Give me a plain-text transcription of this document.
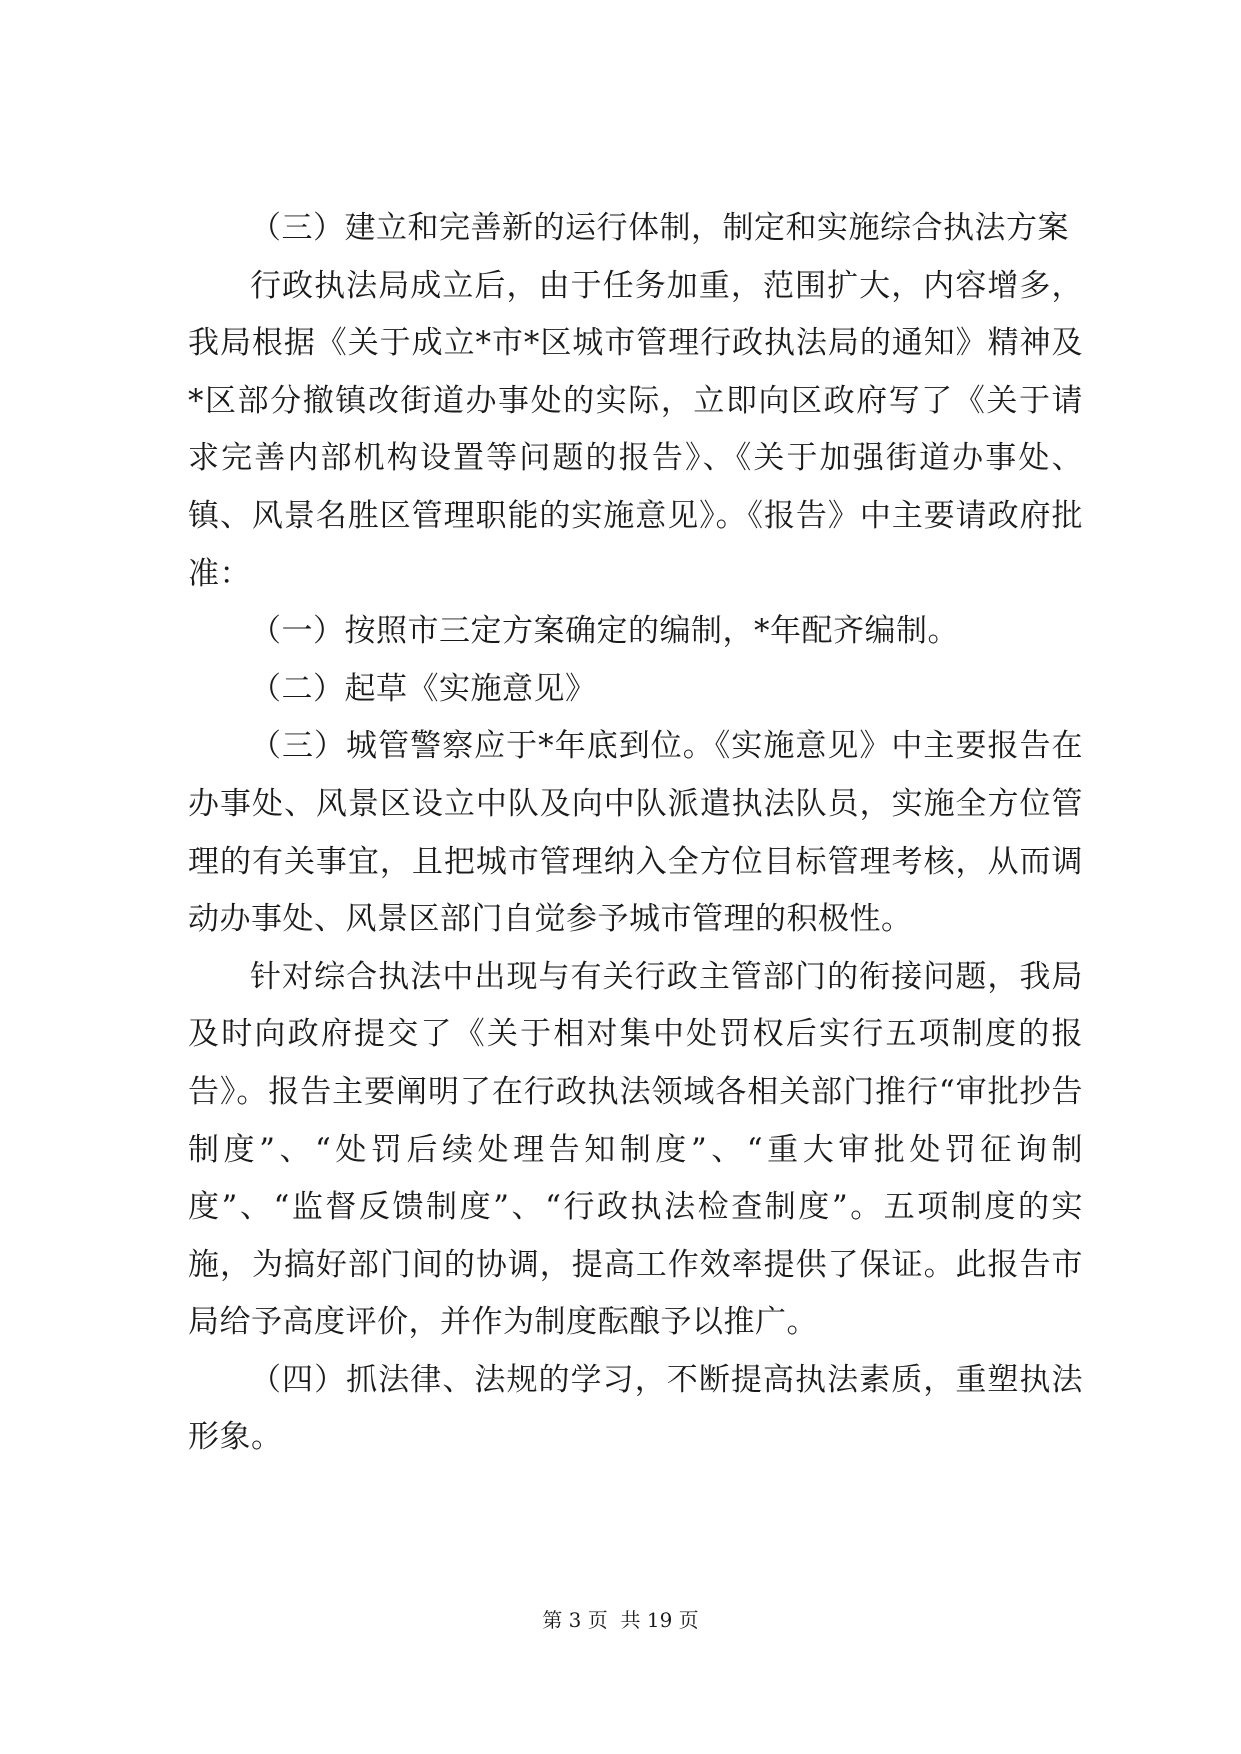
（三）建立和完善新的运行体制，制定和实施综合执法方案

行政执法局成立后，由于任务加重，范围扩大，内容增多，我局根据《关于成立*市*区城市管理行政执法局的通知》精神及*区部分撤镇改街道办事处的实际，立即向区政府写了《关于请求完善内部机构设置等问题的报告》、《关于加强街道办事处、镇、风景名胜区管理职能的实施意见》。《报告》中主要请政府批准：

（一）按照市三定方案确定的编制，*年配齐编制。

（二）起草《实施意见》

（三）城管警察应于*年底到位。《实施意见》中主要报告在办事处、风景区设立中队及向中队派遣执法队员，实施全方位管理的有关事宜，且把城市管理纳入全方位目标管理考核，从而调动办事处、风景区部门自觉参予城市管理的积极性。

针对综合执法中出现与有关行政主管部门的衔接问题，我局及时向政府提交了《关于相对集中处罚权后实行五项制度的报告》。报告主要阐明了在行政执法领域各相关部门推行“审批抄告制度”、“处罚后续处理告知制度”、“重大审批处罚征询制度”、“监督反馈制度”、“行政执法检查制度”。五项制度的实施，为搞好部门间的协调，提高工作效率提供了保证。此报告市局给予高度评价，并作为制度酝酿予以推广。

（四）抓法律、法规的学习，不断提高执法素质，重塑执法形象。

第 3 页  共 19 页
